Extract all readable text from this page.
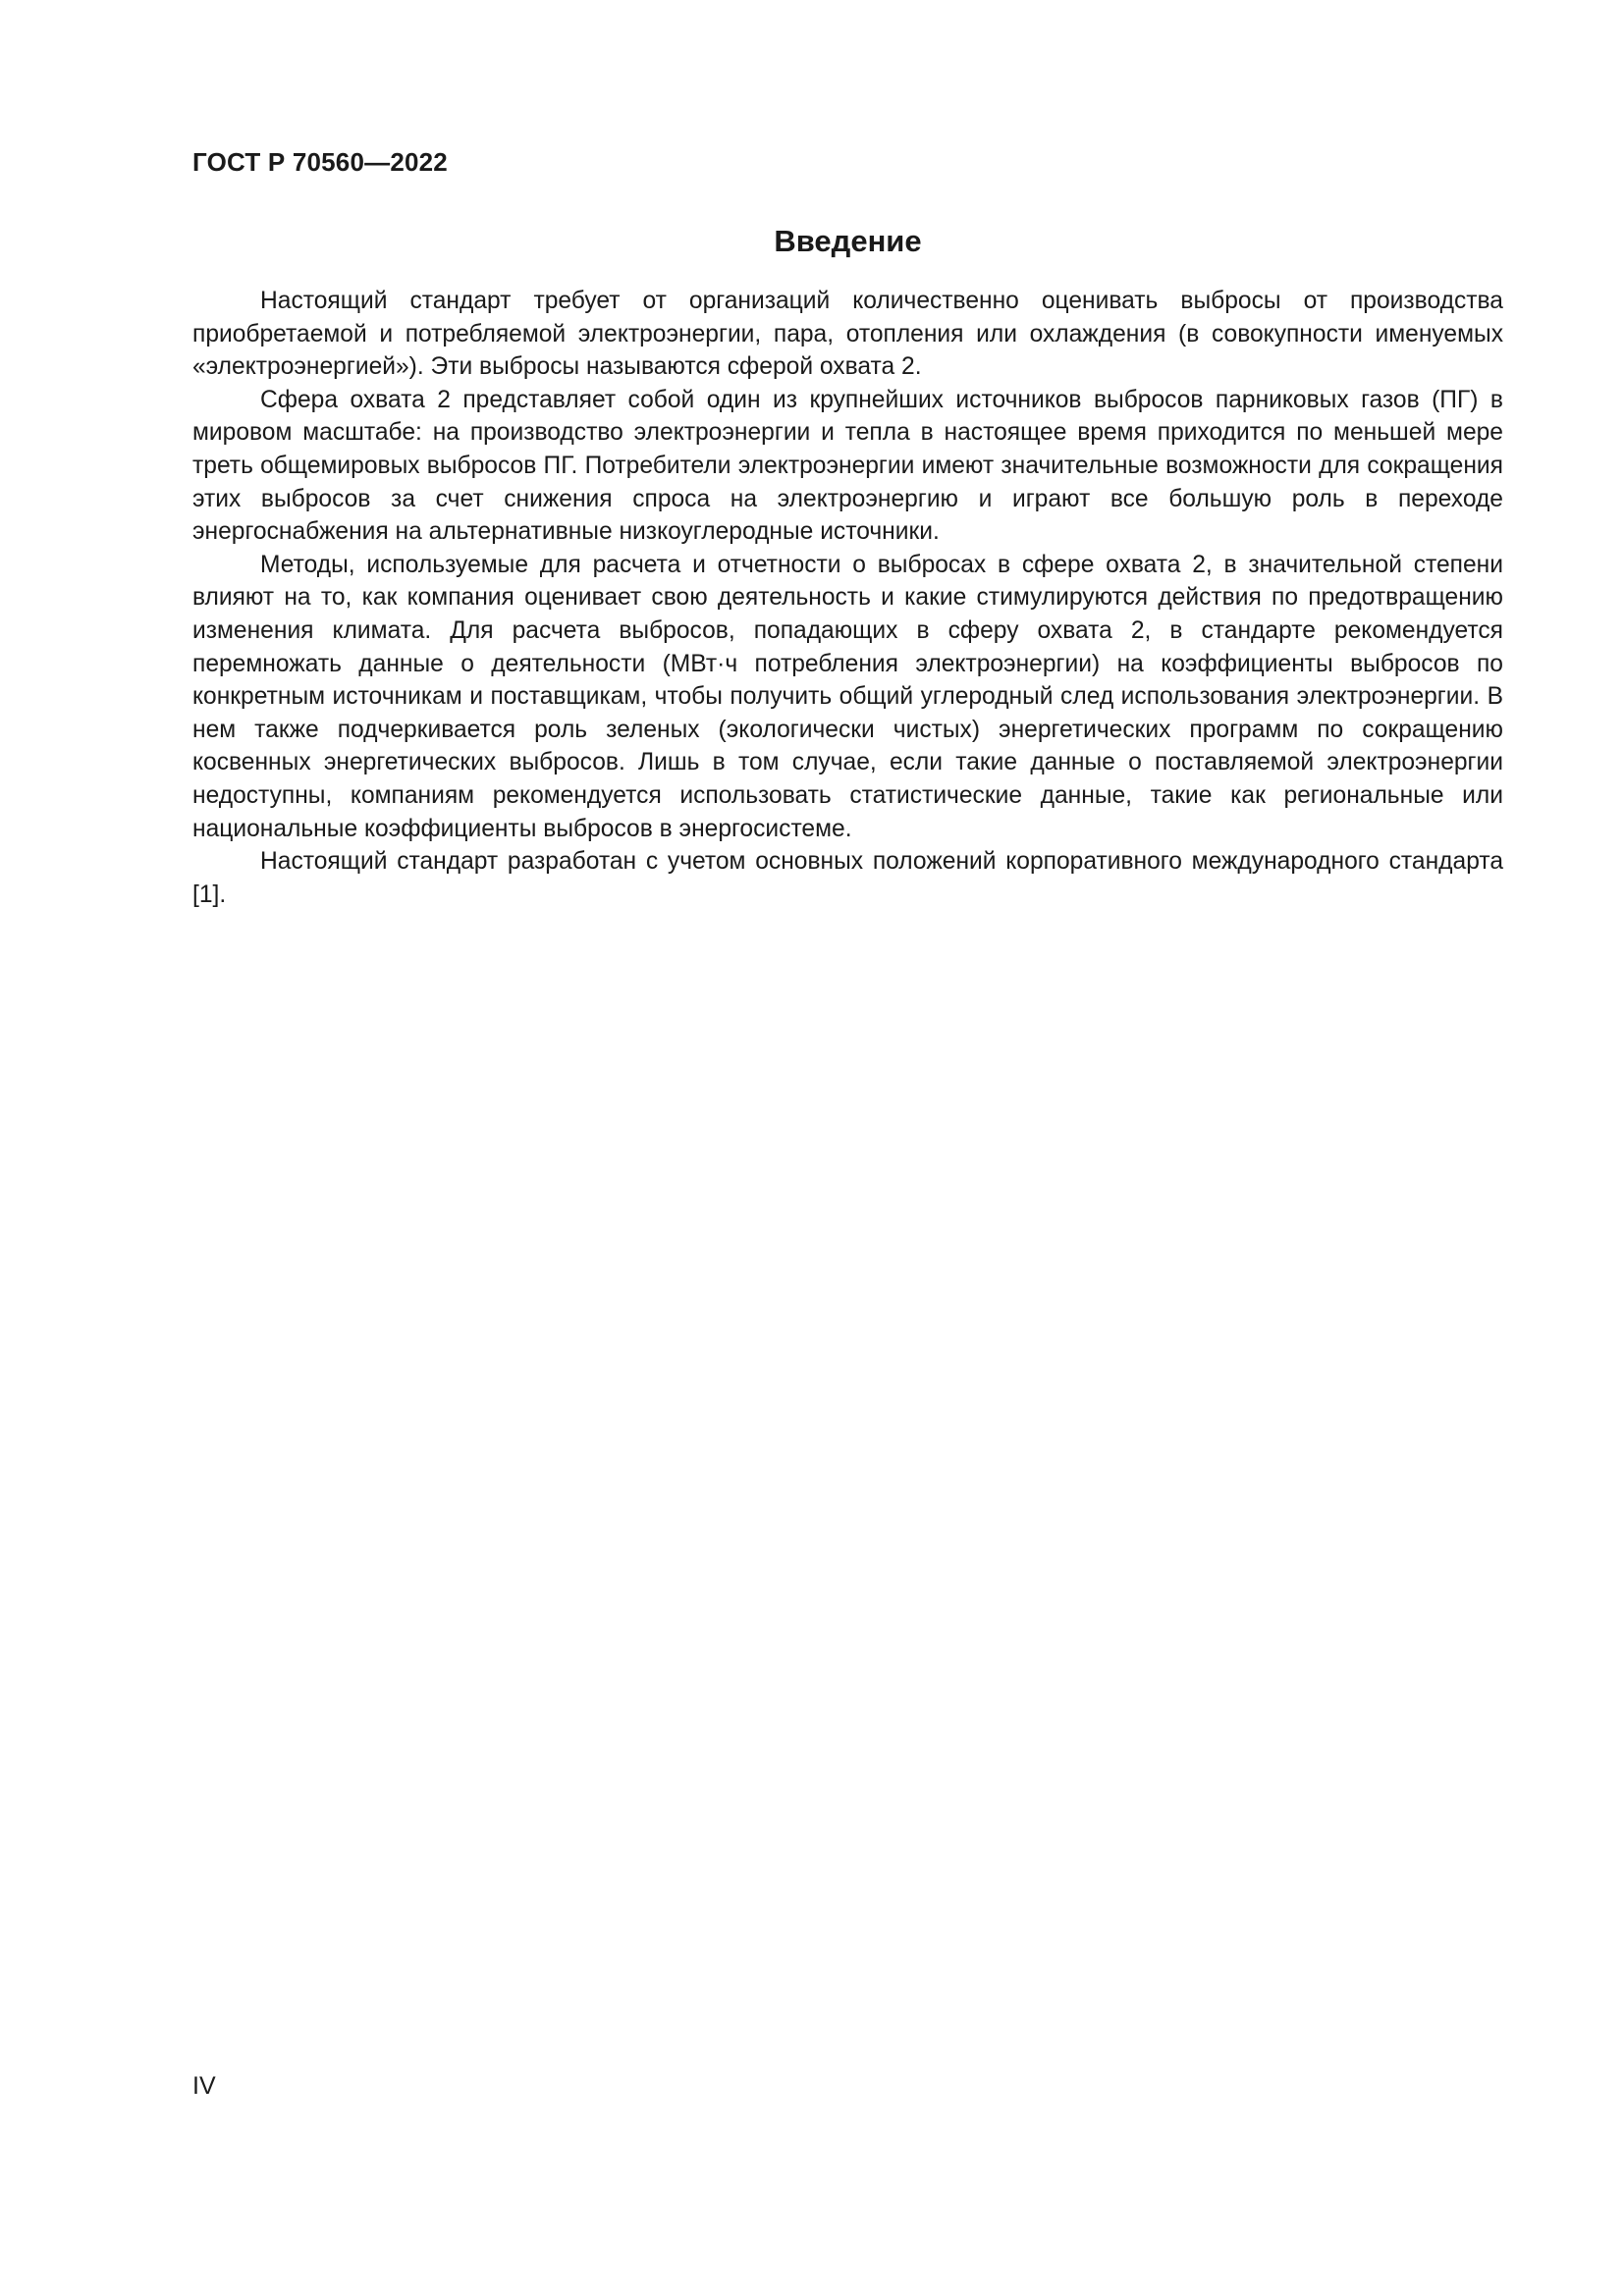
ГОСТ Р 70560—2022
Введение

Настоящий стандарт требует от организаций количественно оценивать выбросы от производства приобретаемой и потребляемой электроэнергии, пара, отопления или охлаждения (в совокупности именуемых «электроэнергией»). Эти выбросы называются сферой охвата 2.

Сфера охвата 2 представляет собой один из крупнейших источников выбросов парниковых газов (ПГ) в мировом масштабе: на производство электроэнергии и тепла в настоящее время приходится по меньшей мере треть общемировых выбросов ПГ. Потребители электроэнергии имеют значительные возможности для сокращения этих выбросов за счет снижения спроса на электроэнергию и играют все большую роль в переходе энергоснабжения на альтернативные низкоуглеродные источники.

Методы, используемые для расчета и отчетности о выбросах в сфере охвата 2, в значительной степени влияют на то, как компания оценивает свою деятельность и какие стимулируются действия по предотвращению изменения климата. Для расчета выбросов, попадающих в сферу охвата 2, в стандарте рекомендуется перемножать данные о деятельности (МВт·ч потребления электроэнергии) на коэффициенты выбросов по конкретным источникам и поставщикам, чтобы получить общий углеродный след использования электроэнергии. В нем также подчеркивается роль зеленых (экологически чистых) энергетических программ по сокращению косвенных энергетических выбросов. Лишь в том случае, если такие данные о поставляемой электроэнергии недоступны, компаниям рекомендуется использовать статистические данные, такие как региональные или национальные коэффициенты выбросов в энергосистеме.

Настоящий стандарт разработан с учетом основных положений корпоративного международного стандарта [1].

IV
